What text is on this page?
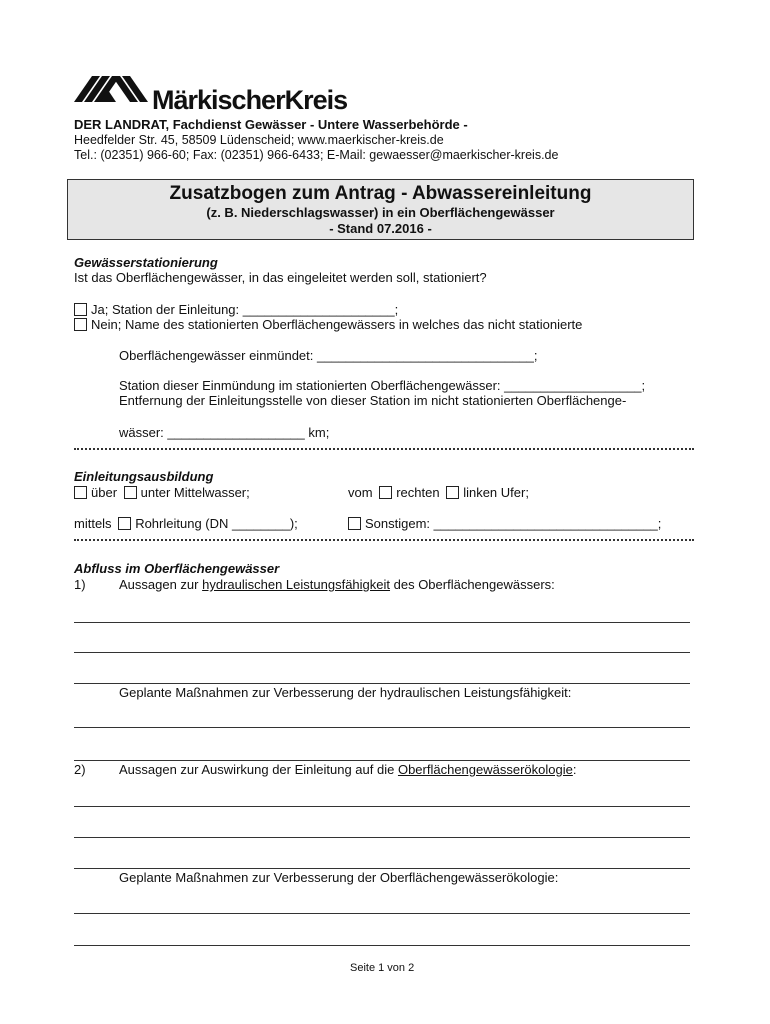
MärkischerKreis
DER LANDRAT, Fachdienst Gewässer - Untere Wasserbehörde -
Heedfelder Str. 45, 58509 Lüdenscheid; www.maerkischer-kreis.de
Tel.: (02351) 966-60; Fax: (02351) 966-6433; E-Mail: gewaesser@maerkischer-kreis.de
Zusatzbogen zum Antrag - Abwassereinleitung
(z. B. Niederschlagswasser) in ein Oberflächengewässer
- Stand 07.2016 -
Gewässerstationierung
Ist das Oberflächengewässer, in das eingeleitet werden soll, stationiert?
Ja; Station der Einleitung: _____________________;
Nein; Name des stationierten Oberflächengewässers in welches das nicht stationierte
Oberflächengewässer einmündet: ______________________________;
Station dieser Einmündung im stationierten Oberflächengewässer: ___________________;
Entfernung der Einleitungsstelle von dieser Station im nicht stationierten Oberflächenge-
wässer: ___________________ km;
Einleitungsausbildung
über unter Mittelwasser;	vom rechten linken Ufer;
mittels Rohrleitung (DN ________);	Sonstigem: _______________________________;
Abfluss im Oberflächengewässer
1)	Aussagen zur hydraulischen Leistungsfähigkeit des Oberflächengewässers:
Geplante Maßnahmen zur Verbesserung der hydraulischen Leistungsfähigkeit:
2)	Aussagen zur Auswirkung der Einleitung auf die Oberflächengewässerökologie:
Geplante Maßnahmen zur Verbesserung der Oberflächengewässerökologie:
Seite 1 von 2
